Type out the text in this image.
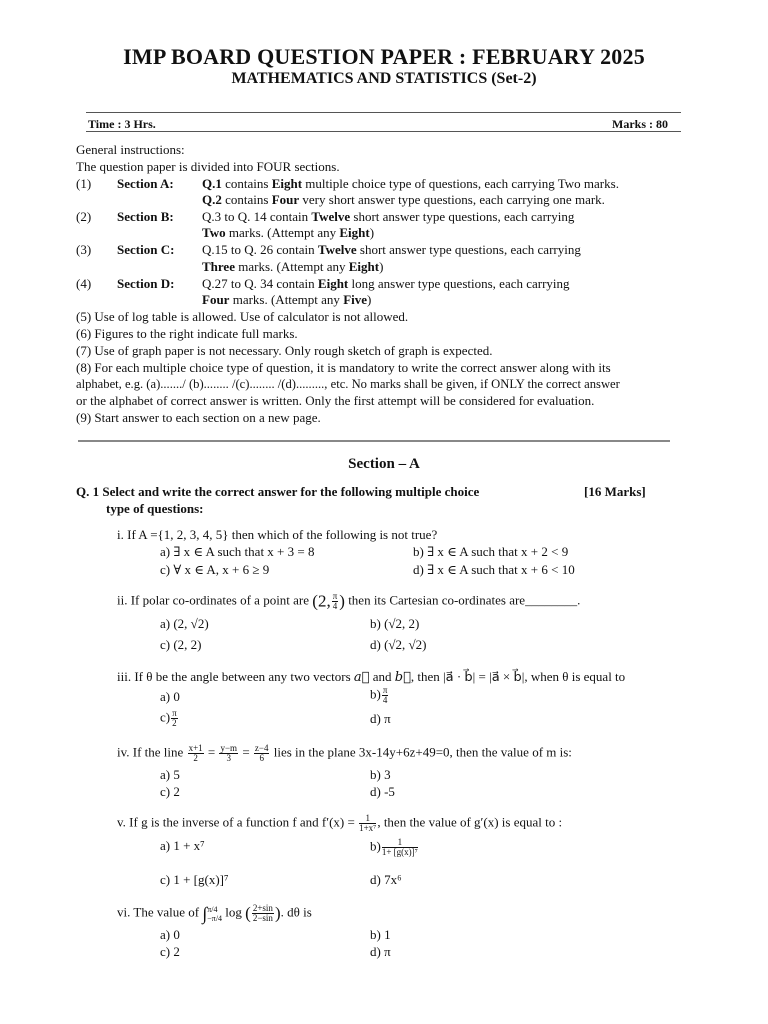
IMP BOARD QUESTION PAPER : FEBRUARY 2025
MATHEMATICS AND STATISTICS (Set-2)
Time : 3 Hrs.	Marks : 80
General instructions:
The question paper is divided into FOUR sections.
(1) Section A: Q.1 contains Eight multiple choice type of questions, each carrying Two marks.
Q.2 contains Four very short answer type questions, each carrying one mark.
(2) Section B: Q.3 to Q. 14 contain Twelve short answer type questions, each carrying
Two marks. (Attempt any Eight)
(3) Section C: Q.15 to Q. 26 contain Twelve short answer type questions, each carrying
Three marks. (Attempt any Eight)
(4) Section D: Q.27 to Q. 34 contain Eight long answer type questions, each carrying
Four marks. (Attempt any Five)
(5) Use of log table is allowed. Use of calculator is not allowed.
(6) Figures to the right indicate full marks.
(7) Use of graph paper is not necessary. Only rough sketch of graph is expected.
(8) For each multiple choice type of question, it is mandatory to write the correct answer along with its
alphabet, e.g. (a)......./ (b)........ /(c)........ /(d)........., etc. No marks shall be given, if ONLY the correct answer
or the alphabet of correct answer is written. Only the first attempt will be considered for evaluation.
(9) Start answer to each section on a new page.
Section – A
Q. 1 Select and write the correct answer for the following multiple choice	[16 Marks]
type of questions:
i. If A ={1, 2, 3, 4, 5} then which of the following is not true?
a) ∃ x ∈ A such that x + 3 = 8	b) ∃ x ∈ A such that x + 2 < 9
c) ∀ x ∈ A, x + 6 ≥ 9	d) ∃ x ∈ A such that x + 6 < 10
ii. If polar co-ordinates of a point are (2, $\frac{\pi}{4}$ ) then its Cartesian co-ordinates are________.
a) (2, √2)	b) (√2, 2)
c) (2, 2)	d) (√2, √2)
iii. If θ be the angle between any two vectors a⃗ and b⃗, then |a⃗ · b⃗| = |a⃗ × b⃗|, when θ is equal to
a) 0	$b) \frac{\pi}{4}$
$c) \frac{\pi}{2}$	d) π
iv. If the line $\frac{x+1}{2} = \frac{y-m}{3} = \frac{z-4}{6}$ lies in the plane 3x-14y+6z+49=0, then the value of m is:
a) 5	b) 3
c) 2	d) -5
v. If g is the inverse of a function f and $f'(x) = \frac{1}{\text{1+x⁷}}$ , then the value of g′(x) is equal to :
a) 1 + x⁷	$b) \frac{1}{\text{1+ [g(x)]⁷}}$
c) 1 + [g(x)]⁷	d) 7x⁶
vi. The value of ∫ π/4
−π/4 log ( $\frac{2+\sin}{2-\sin}$ ). dθ is
a) 0	b) 1
c) 2	d) π
